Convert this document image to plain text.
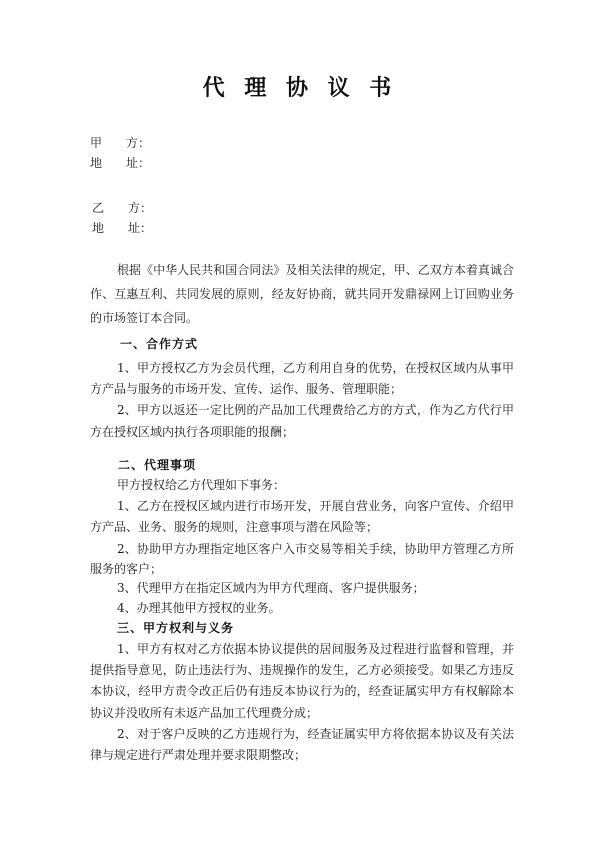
代 理 协 议 书
甲　　方：
地　　址：
乙　　方：
地　　址：
根据《中华人民共和国合同法》及相关法律的规定，甲、乙双方本着真诚合
作、互惠互利、共同发展的原则，经友好协商，就共同开发鼎禄网上订回购业务
的市场签订本合同。
一、合作方式
1、甲方授权乙方为会员代理，乙方利用自身的优势，在授权区域内从事甲
方产品与服务的市场开发、宣传、运作、服务、管理职能；
2、甲方以返还一定比例的产品加工代理费给乙方的方式，作为乙方代行甲
方在授权区域内执行各项职能的报酬；
二、代理事项
甲方授权给乙方代理如下事务：
1、乙方在授权区域内进行市场开发，开展自营业务，向客户宣传、介绍甲
方产品、业务、服务的规则，注意事项与潜在风险等；
2、协助甲方办理指定地区客户入市交易等相关手续，协助甲方管理乙方所
服务的客户；
3、代理甲方在指定区域内为甲方代理商、客户提供服务；
4、办理其他甲方授权的业务。
三、甲方权利与义务
1、甲方有权对乙方依据本协议提供的居间服务及过程进行监督和管理，并
提供指导意见，防止违法行为、违规操作的发生，乙方必须接受。如果乙方违反
本协议，经甲方责令改正后仍有违反本协议行为的，经查证属实甲方有权解除本
协议并没收所有未返产品加工代理费分成；
2、对于客户反映的乙方违规行为，经查证属实甲方将依据本协议及有关法
律与规定进行严肃处理并要求限期整改；
